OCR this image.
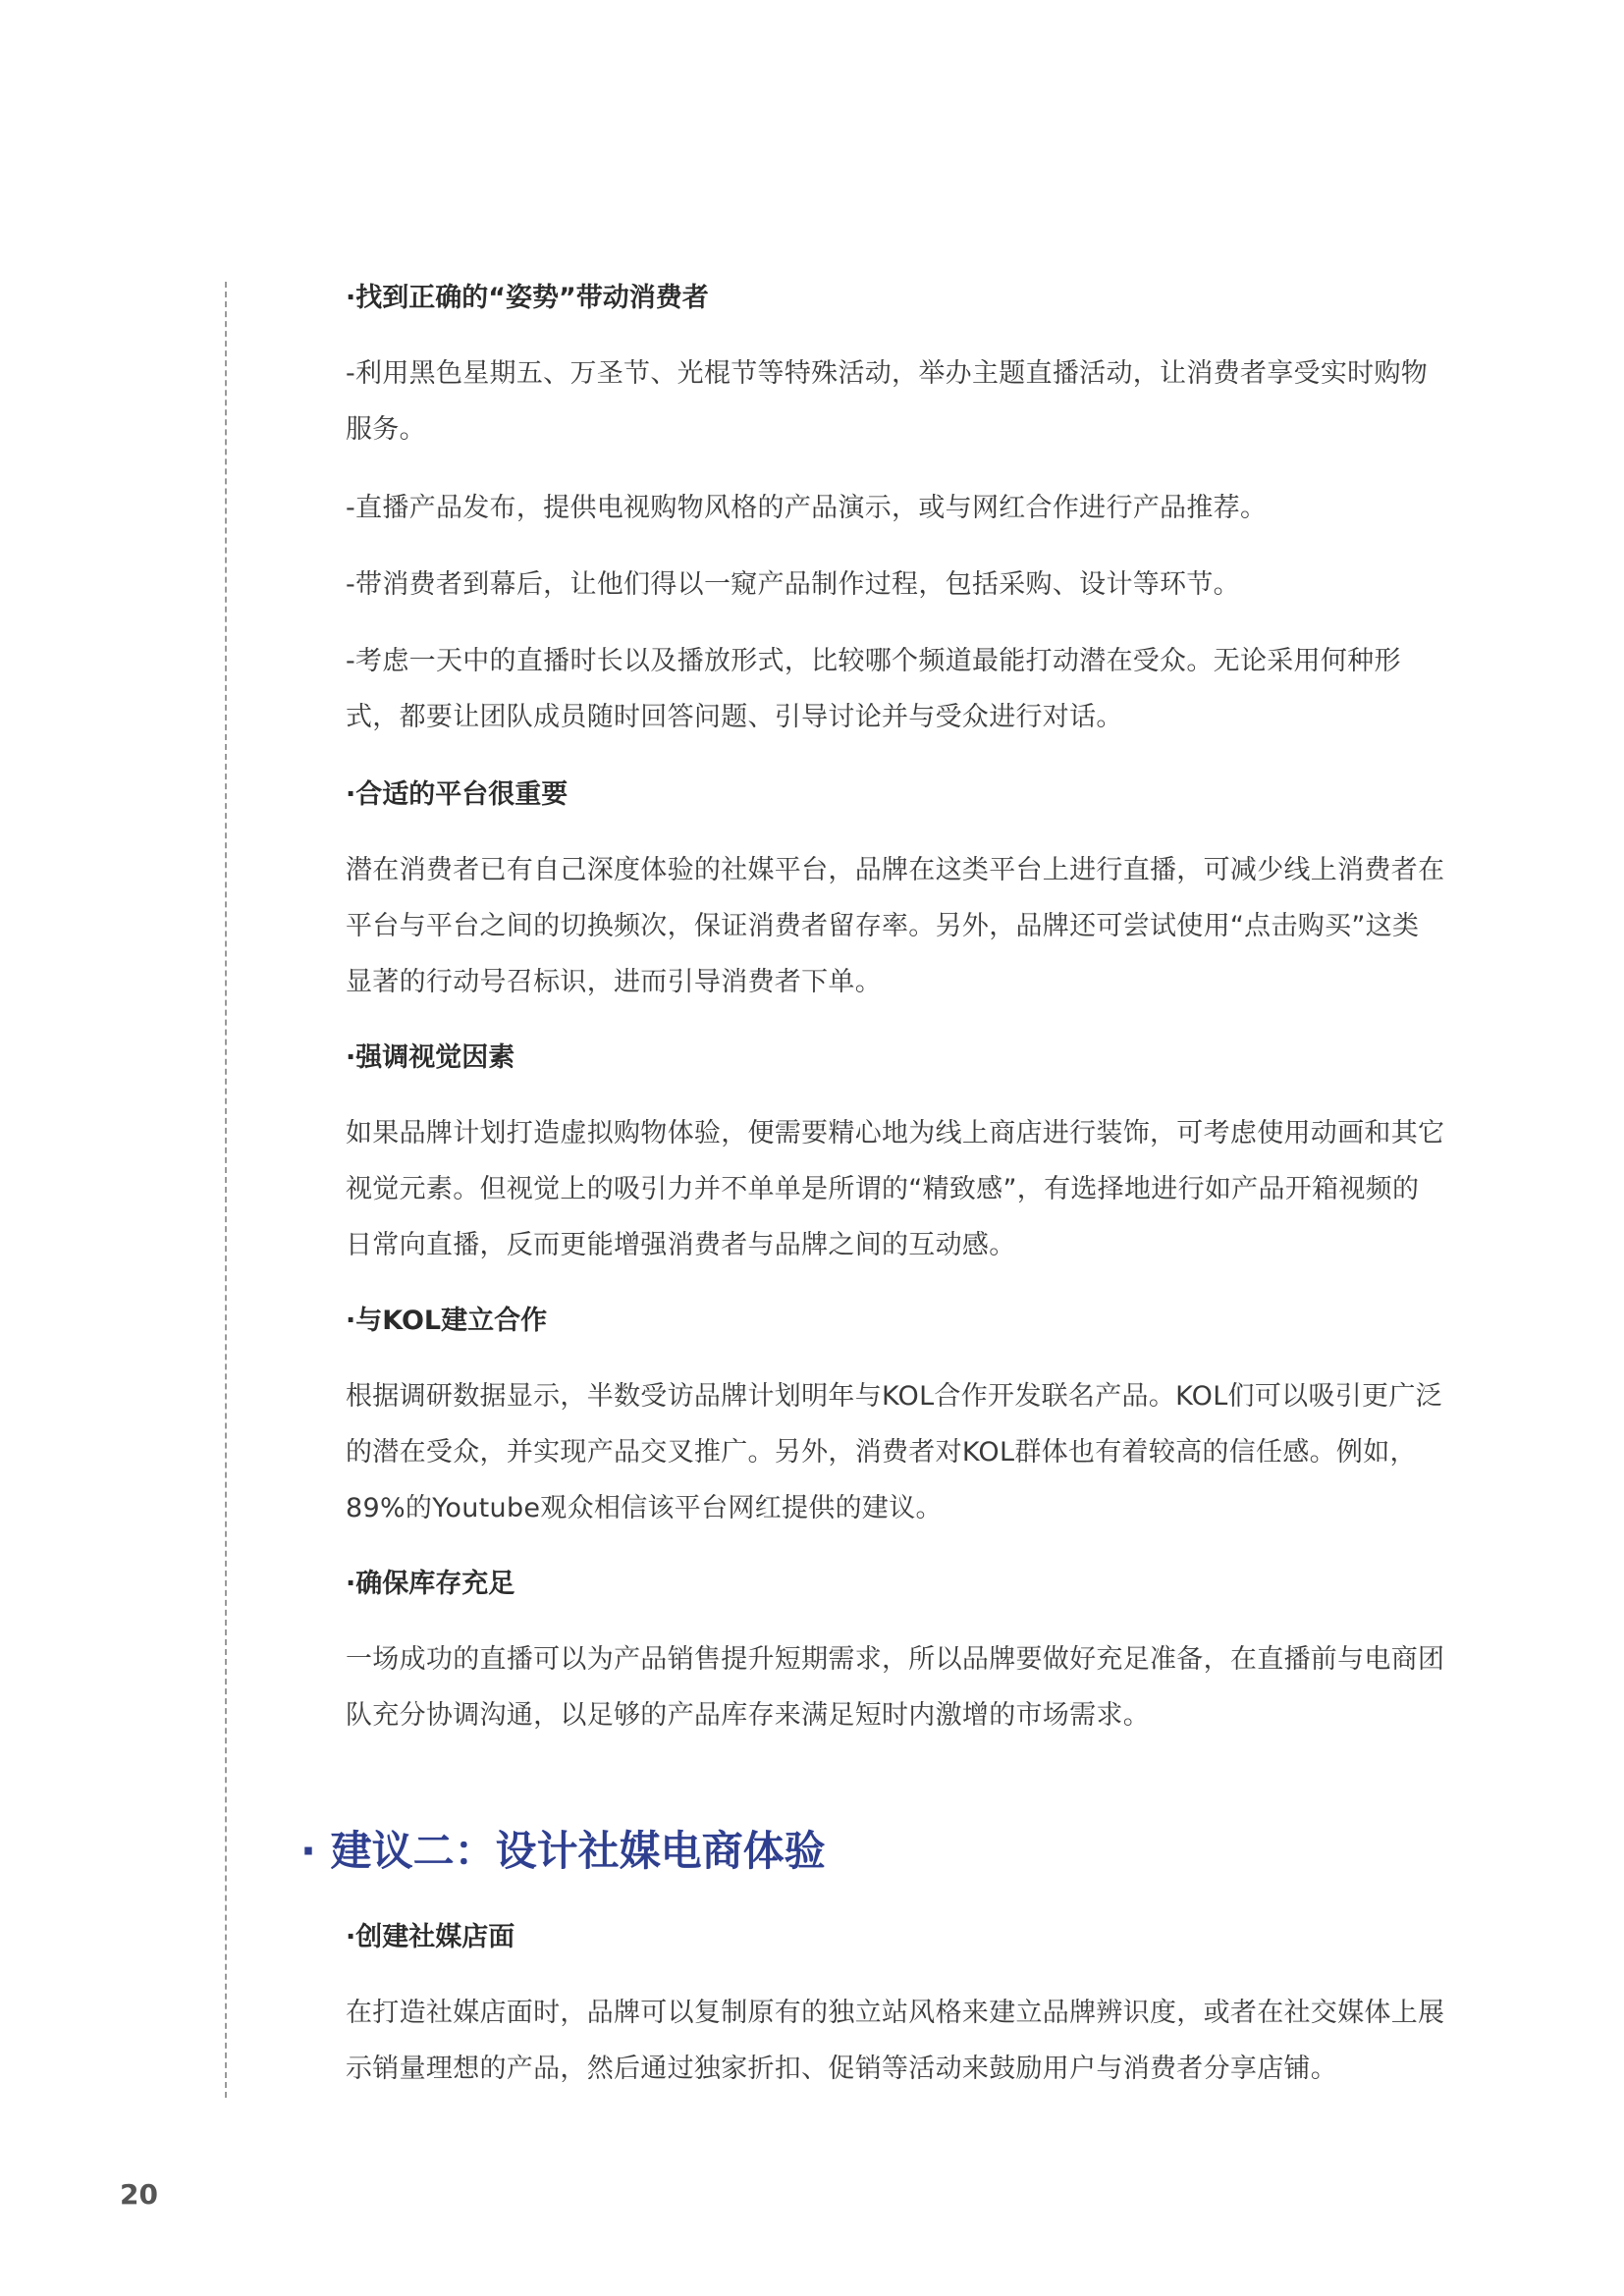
·找到正确的“姿势”带动消费者
-利用黑色星期五、万圣节、光棍节等特殊活动，举办主题直播活动，让消费者享受实时购物服务。
-直播产品发布，提供电视购物风格的产品演示，或与网红合作进行产品推荐。
-带消费者到幕后，让他们得以一窥产品制作过程，包括采购、设计等环节。
-考虑一天中的直播时长以及播放形式，比较哪个频道最能打动潜在受众。无论采用何种形式，都要让团队成员随时回答问题、引导讨论并与受众进行对话。
·合适的平台很重要
潜在消费者已有自己深度体验的社媒平台，品牌在这类平台上进行直播，可减少线上消费者在平台与平台之间的切换频次，保证消费者留存率。另外，品牌还可尝试使用“点击购买”这类显著的行动号召标识，进而引导消费者下单。
·强调视觉因素
如果品牌计划打造虚拟购物体验，便需要精心地为线上商店进行装饰，可考虑使用动画和其它视觉元素。但视觉上的吸引力并不单单是所谓的“精致感”，有选择地进行如产品开箱视频的日常向直播，反而更能增强消费者与品牌之间的互动感。
·与KOL建立合作
根据调研数据显示，半数受访品牌计划明年与KOL合作开发联名产品。KOL们可以吸引更广泛的潜在受众，并实现产品交叉推广。另外，消费者对KOL群体也有着较高的信任感。例如，89%的Youtube观众相信该平台网红提供的建议。
·确保库存充足
一场成功的直播可以为产品销售提升短期需求，所以品牌要做好充足准备，在直播前与电商团队充分协调沟通，以足够的产品库存来满足短时内激增的市场需求。
·创建社媒店面
在打造社媒店面时，品牌可以复制原有的独立站风格来建立品牌辨识度，或者在社交媒体上展示销量理想的产品，然后通过独家折扣、促销等活动来鼓励用户与消费者分享店铺。
· 建议二：设计社媒电商体验
20
